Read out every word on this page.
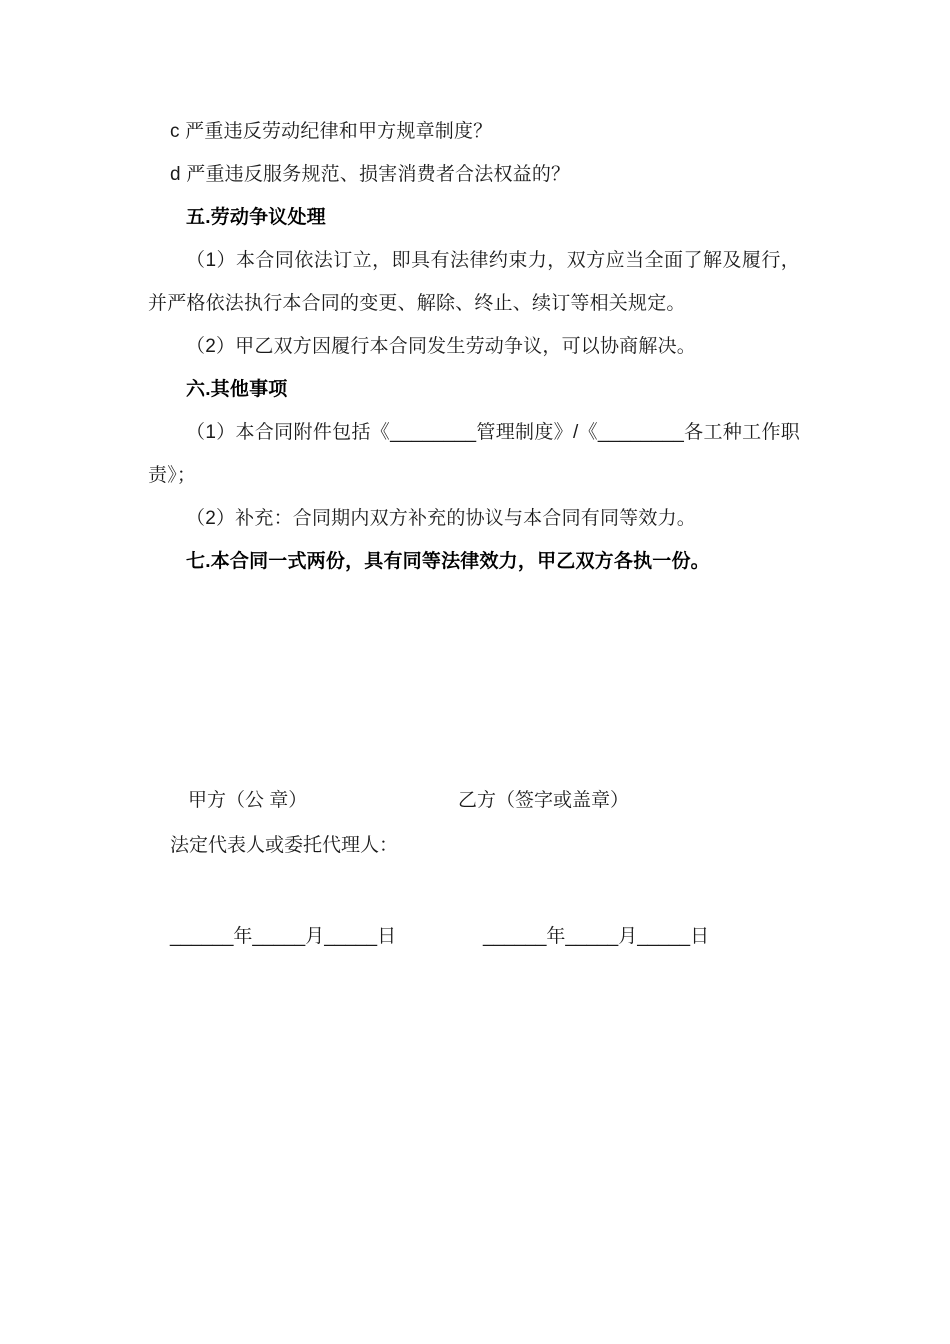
c 严重违反劳动纪律和甲方规章制度？

d 严重违反服务规范、损害消费者合法权益的？

五.劳动争议处理

（1）本合同依法订立，即具有法律约束力，双方应当全面了解及履行，并严格依法执行本合同的变更、解除、终止、续订等相关规定。

（2）甲乙双方因履行本合同发生劳动争议，可以协商解决。

六.其他事项

（1）本合同附件包括《________管理制度》/《________各工种工作职责》；

（2）补充：合同期内双方补充的协议与本合同有同等效力。

七.本合同一式两份，具有同等法律效力，甲乙双方各执一份。

甲方（公 章）	乙方（签字或盖章）
法定代表人或委托代理人：
______年_____月_____日	______年_____月_____日
